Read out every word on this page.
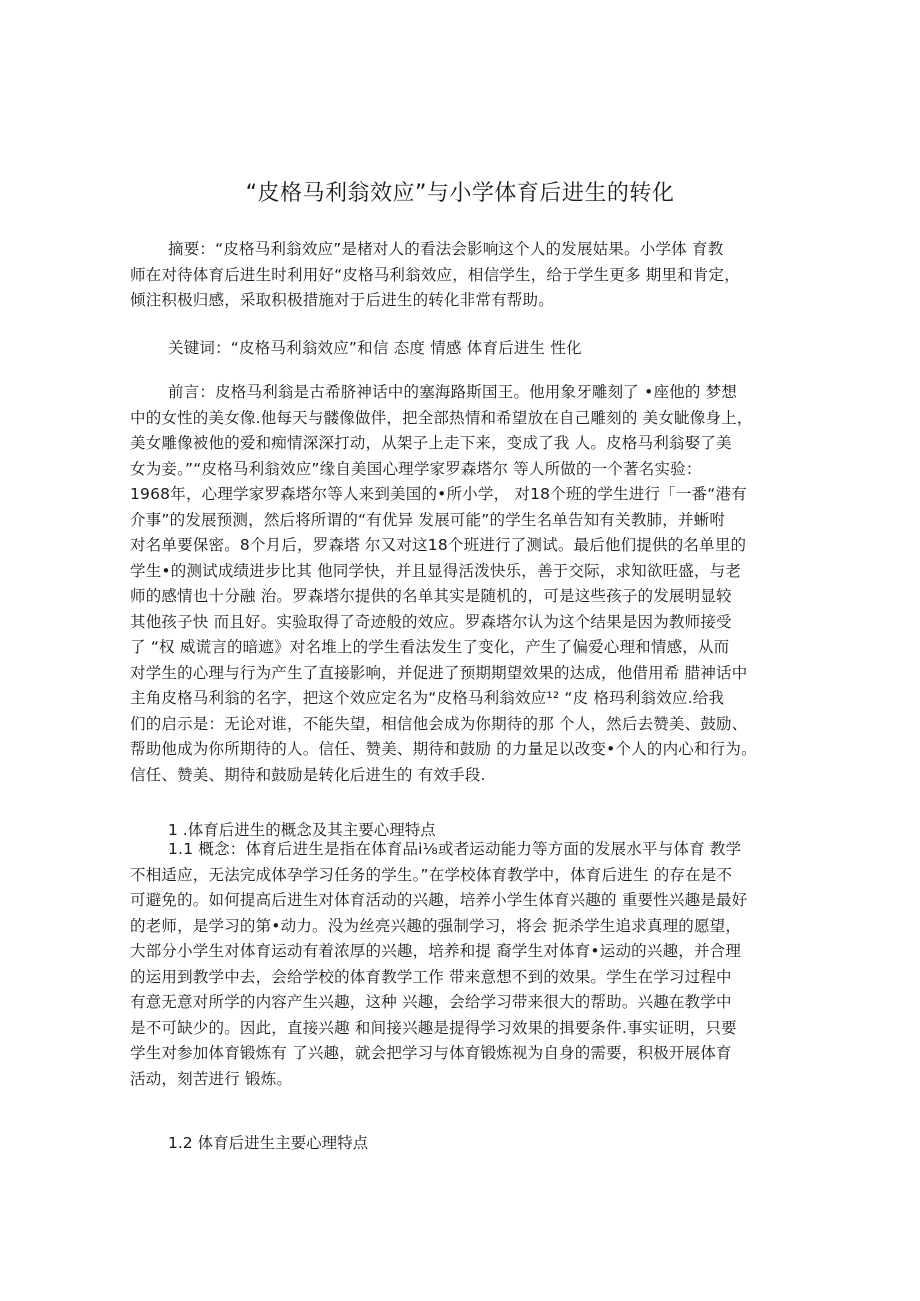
“皮格马利翁效应”与小学体育后进生的转化
摘要：“皮格马利翁效应”是楮对人的看法会影响这个人的发展姑果。小学体 育教
师在对待体育后进生时利用好“皮格马利翁效应，相信学生，给于学生更多 期里和肯定，
倾注积极归感，采取积极措施对于后进生的转化非常有帮助。
关键词：“皮格马利翁效应”和信 态度 情感 体育后进生 性化
前言：皮格马利翁是古希脐神话中的塞海路斯国王。他用象牙雕刻了 •座他的 梦想
中的女性的美女像.他每天与髅像做伴，把全部热情和希望放在自己雕刻的 美女眦像身上，
美女雕像被他的爱和痴情深深打动，从架子上走下来，变成了我 人。皮格马利翁娶了美
女为妾。”“皮格马利翁效应”缘自美国心理学家罗森塔尔 等人所做的一个著名实验：
1968年，心理学家罗森塔尔等人来到美国的•所小学， 对18个班的学生进行「一番“港有
介事”的发展预测，然后将所谓的“有优异 发展可能”的学生名单告知有关教肺，并蜥咐
对名单要保密。8个月后，罗森塔 尔又对这18个班进行了测试。最后他们提供的名单里的
学生•的测试成绩进步比其 他同学快，并且显得活泼快乐，善于交际，求知欲旺盛，与老
师的感情也十分融 治。罗森塔尔提供的名单其实是随机的，可是这些孩子的发展明显较
其他孩子快 而且好。实验取得了奇迹般的效应。罗森塔尔认为这个结果是因为教师接受
了 “权 威谎言的暗遮》对名堆上的学生看法发生了变化，产生了偏爱心理和情感，从而
对学生的心理与行为产生了直接影响，并促进了预期期望效果的达成，他借用希 腊神话中
主角皮格马利翁的名字，把这个效应定名为“皮格马利翁效应¹² “皮 格玛利翁效应.给我
们的启示是：无论对谁，不能失望，相信他会成为你期待的那 个人，然后去赞美、鼓励、
帮助他成为你所期待的人。信任、赞美、期待和鼓励 的力量足以改变•个人的内心和行为。
信任、赞美、期待和鼓励是转化后进生的 有效手段.
1 .体育后进生的概念及其主要心理特点
1.1 概念：体育后进生是指在体育品i⅛或者运动能力等方面的发展水平与体育 教学
不相适应，无法完成体孕学习任务的学生。”在学校体育教学中，体育后进生 的存在是不
可避免的。如何提高后进生对体育活动的兴趣，培养小学生体育兴趣的 重要性兴趣是最好
的老师，是学习的第•动力。没为丝亮兴趣的强制学习，将会 扼杀学生追求真理的愿望，
大部分小学生对体育运动有着浓厚的兴趣，培养和提 裔学生对体育•运动的兴趣，并合理
的运用到教学中去，会给学校的体育教学工作 带来意想不到的效果。学生在学习过程中
有意无意对所学的内容产生兴趣，这种 兴趣，会给学习带来很大的帮助。兴趣在教学中
是不可缺少的。因此，直接兴趣 和间接兴趣是提得学习效果的揖要条件.事实证明，只要
学生对参加体育锻炼有 了兴趣，就会把学习与体育锻炼视为自身的需要，积极开展体育
活动，刻苦进行 锻炼。
1.2 体育后进生主要心理特点
